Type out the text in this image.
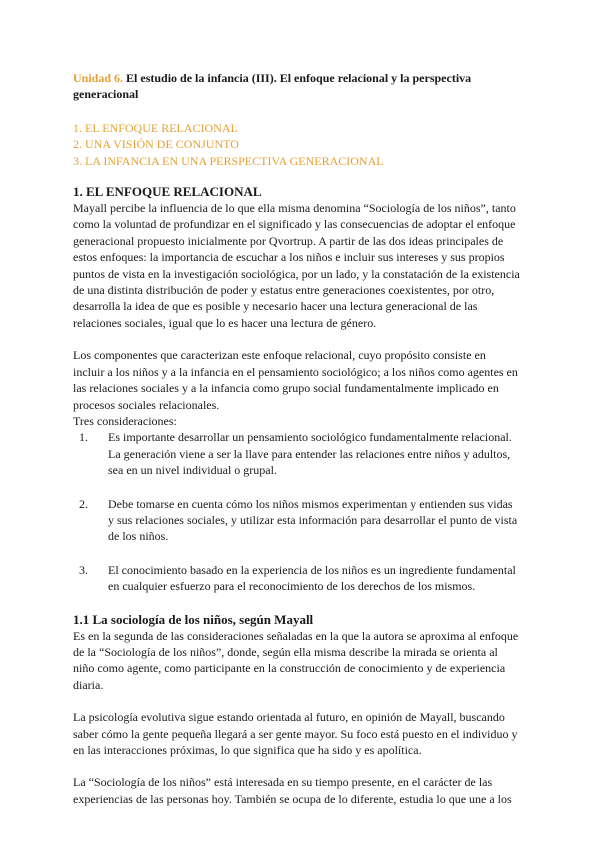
Unidad 6. El estudio de la infancia (III). El enfoque relacional y la perspectiva generacional
1. EL ENFOQUE RELACIONAL
2. UNA VISIÓN DE CONJUNTO
3. LA INFANCIA EN UNA PERSPECTIVA GENERACIONAL
1. EL ENFOQUE RELACIONAL

Mayall percibe la influencia de lo que ella misma denomina “Sociología de los niños”, tanto como la voluntad de profundizar en el significado y las consecuencias de adoptar el enfoque generacional propuesto inicialmente por Qvortrup. A partir de las dos ideas principales de estos enfoques: la importancia de escuchar a los niños e incluir sus intereses y sus propios puntos de vista en la investigación sociológica, por un lado, y la constatación de la existencia de una distinta distribución de poder y estatus entre generaciones coexistentes, por otro, desarrolla la idea de que es posible y necesario hacer una lectura generacional de las relaciones sociales, igual que lo es hacer una lectura de género.

Los componentes que caracterizan este enfoque relacional, cuyo propósito consiste en incluir a los niños y a la infancia en el pensamiento sociológico; a los niños como agentes en las relaciones sociales y a la infancia como grupo social fundamentalmente implicado en procesos sociales relacionales.

Tres consideraciones:

1.	Es importante desarrollar un pensamiento sociológico fundamentalmente relacional. La generación viene a ser la llave para entender las relaciones entre niños y adultos, sea en un nivel individual o grupal.
2.	Debe tomarse en cuenta cómo los niños mismos experimentan y entienden sus vidas y sus relaciones sociales, y utilizar esta información para desarrollar el punto de vista de los niños.
3.	El conocimiento basado en la experiencia de los niños es un ingrediente fundamental en cualquier esfuerzo para el reconocimiento de los derechos de los mismos.
1.1 La sociología de los niños, según Mayall

Es en la segunda de las consideraciones señaladas en la que la autora se aproxima al enfoque de la “Sociología de los niños”, donde, según ella misma describe la mirada se orienta al niño como agente, como participante en la construcción de conocimiento y de experiencia diaria.

La psicología evolutiva sigue estando orientada al futuro, en opinión de Mayall, buscando saber cómo la gente pequeña llegará a ser gente mayor. Su foco está puesto en el individuo y en las interacciones próximas, lo que significa que ha sido y es apolítica.

La “Sociología de los niños” está interesada en su tiempo presente, en el carácter de las experiencias de las personas hoy. También se ocupa de lo diferente, estudia lo que une a los
